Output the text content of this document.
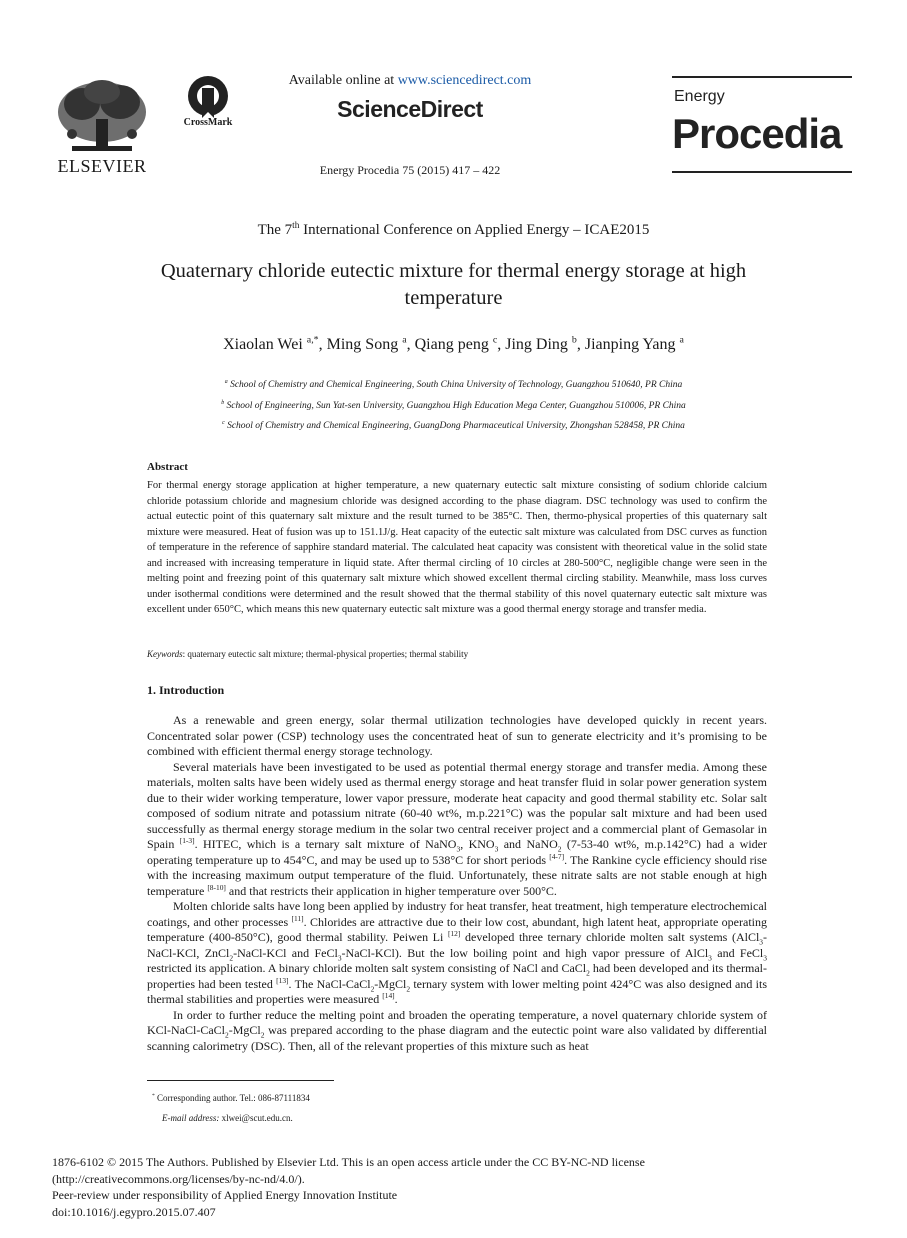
ELSEVIER
CrossMark
Available online at www.sciencedirect.com
ScienceDirect
Energy Procedia 75 (2015) 417 – 422
Energy
Procedia
The 7th International Conference on Applied Energy – ICAE2015
Quaternary chloride eutectic mixture for thermal energy storage at high temperature
Xiaolan Wei $^{a,*}$, Ming Song $^a$, Qiang peng $^c$, Jing Ding $^b$, Jianping Yang $^a$
$^a$ School of Chemistry and Chemical Engineering, South China University of Technology, Guangzhou 510640, PR China
$^b$ School of Engineering, Sun Yat-sen University, Guangzhou High Education Mega Center, Guangzhou 510006, PR China
$^c$ School of Chemistry and Chemical Engineering, GuangDong Pharmaceutical University, Zhongshan 528458, PR China
Abstract
For thermal energy storage application at higher temperature, a new quaternary eutectic salt mixture consisting of sodium chloride calcium chloride potassium chloride and magnesium chloride was designed according to the phase diagram. DSC technology was used to confirm the actual eutectic point of this quaternary salt mixture and the result turned to be 385°C. Then, thermo-physical properties of this quaternary salt mixture were measured. Heat of fusion was up to 151.1J/g. Heat capacity of the eutectic salt mixture was calculated from DSC curves as function of temperature in the reference of sapphire standard material. The calculated heat capacity was consistent with theoretical value in the solid state and increased with increasing temperature in liquid state. After thermal circling of 10 circles at 280-500°C, negligible change were seen in the melting point and freezing point of this quaternary salt mixture which showed excellent thermal circling stability. Meanwhile, mass loss curves under isothermal conditions were determined and the result showed that the thermal stability of this novel quaternary eutectic salt mixture was excellent under 650°C, which means this new quaternary eutectic salt mixture was a good thermal energy storage and transfer media.
Keywords: quaternary eutectic salt mixture; thermal-physical properties; thermal stability
1. Introduction

As a renewable and green energy, solar thermal utilization technologies have developed quickly in recent years. Concentrated solar power (CSP) technology uses the concentrated heat of sun to generate electricity and it’s promising to be combined with efficient thermal energy storage technology.

Several materials have been investigated to be used as potential thermal energy storage and transfer media. Among these materials, molten salts have been widely used as thermal energy storage and heat transfer fluid in solar power generation system due to their wider working temperature, lower vapor pressure, moderate heat capacity and good thermal stability etc. Solar salt composed of sodium nitrate and potassium nitrate (60-40 wt%, m.p.221°C) was the popular salt mixture and had been used successfully as thermal energy storage medium in the solar two central receiver project and a commercial plant of Gemasolar in Spain [1-3]. HITEC, which is a ternary salt mixture of NaNO$_3$, $KNO_3$ and NaNO$_2$ (7-53-40 wt%, m.p.142°C) had a wider operating temperature up to 454°C, and may be used up to 538°C for short periods [4-7]. The Rankine cycle efficiency should rise with the increasing maximum output temperature of the fluid. Unfortunately, these nitrate salts are not stable enough at high temperature [8-10] and that restricts their application in higher temperature over 500°C.

Molten chloride salts have long been applied by industry for heat transfer, heat treatment, high temperature electrochemical coatings, and other processes [11]. Chlorides are attractive due to their low cost, abundant, high latent heat, appropriate operating temperature (400-850°C), good thermal stability. Peiwen Li [12] developed three ternary chloride molten salt systems (AlCl$_3$-NaCl-KCl, ZnCl$_2$-NaCl-KCl and FeCl$_3$-NaCl-KCl). But the low boiling point and high vapor pressure of AlCl$_3$ and FeCl$_3$ restricted its application. A binary chloride molten salt system consisting of NaCl and CaCl$_2$ had been developed and its thermal-properties had been tested [13]. The NaCl-CaCl$_2$-MgCl$_2$ ternary system with lower melting point 424°C was also designed and its thermal stabilities and properties were measured [14].

In order to further reduce the melting point and broaden the operating temperature, a novel quaternary chloride system of KCl-NaCl-CaCl$_2$-MgCl$_2$ was prepared according to the phase diagram and the eutectic point ware also validated by differential scanning calorimetry (DSC). Then, all of the relevant properties of this mixture such as heat

* Corresponding author. Tel.: 086-87111834
E-mail address: xlwei@scut.edu.cn.
1876-6102 © 2015 The Authors. Published by Elsevier Ltd. This is an open access article under the CC BY-NC-ND license
(http://creativecommons.org/licenses/by-nc-nd/4.0/).
Peer-review under responsibility of Applied Energy Innovation Institute
doi:10.1016/j.egypro.2015.07.407
